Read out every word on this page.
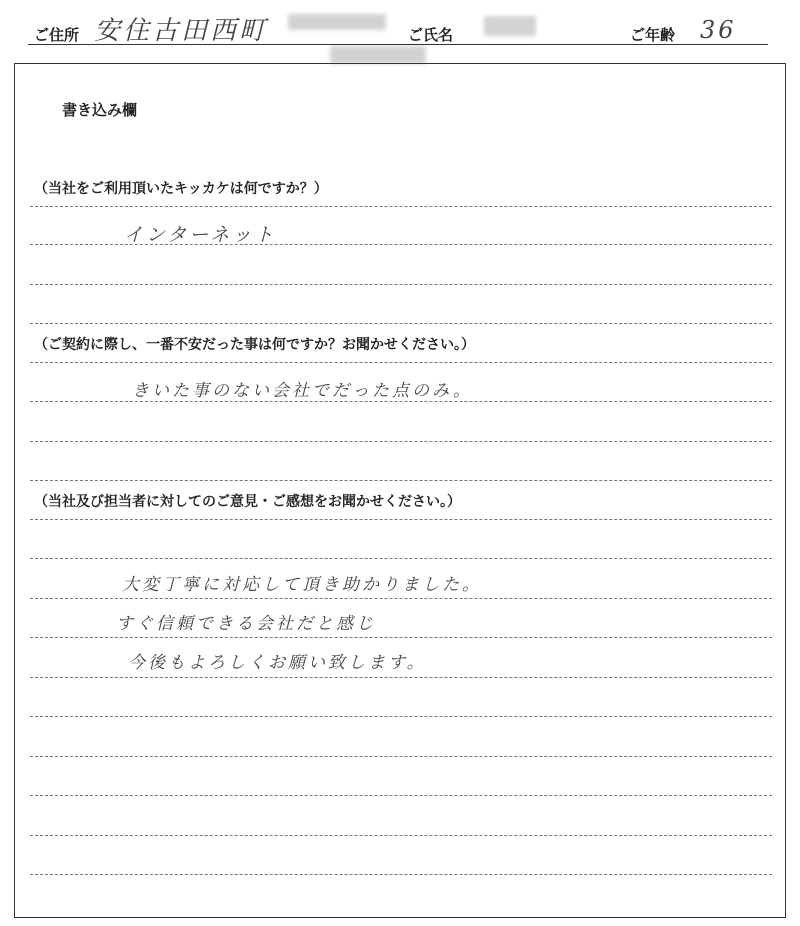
ご住所 安住古田西町	ご氏名	ご年齢 36
書き込み欄
（当社をご利用頂いたキッカケは何ですか？）
インターネット
（ご契約に際し、一番不安だった事は何ですか？お聞かせください。）
きいた事のない会社でだった点のみ。
（当社及び担当者に対してのご意見・ご感想をお聞かせください。）
大変丁寧に対応して頂き助かりました。
すぐ信頼できる会社だと感じ
今後もよろしくお願い致します。
